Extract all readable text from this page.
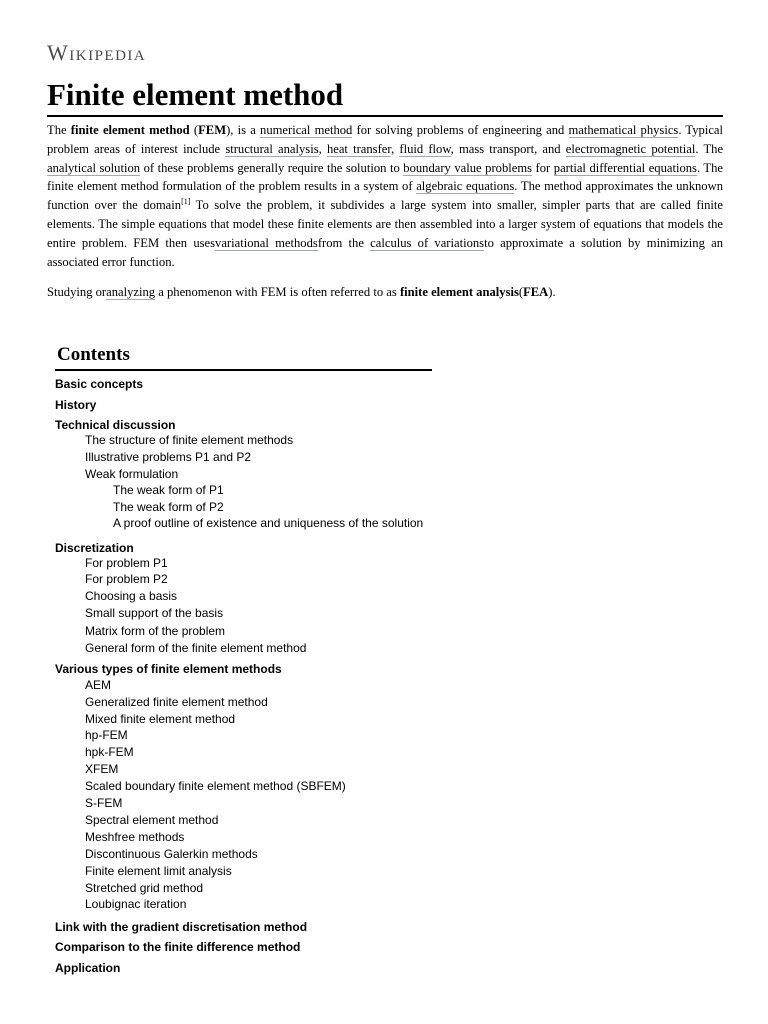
Wikipedia
Finite element method

The finite element method (FEM), is a numerical method for solving problems of engineering and mathematical physics. Typical problem areas of interest include structural analysis, heat transfer, fluid flow, mass transport, and electromagnetic potential. The analytical solution of these problems generally require the solution to boundary value problems for partial differential equations. The finite element method formulation of the problem results in a system of algebraic equations. The method approximates the unknown function over the domain[1] To solve the problem, it subdivides a large system into smaller, simpler parts that are called finite elements. The simple equations that model these finite elements are then assembled into a larger system of equations that models the entire problem. FEM then usesvariational methodsfrom the calculus of variationsto approximate a solution by minimizing an associated error function.

Studying oranalyzing a phenomenon with FEM is often referred to as finite element analysis(FEA).

Contents
Basic concepts
History
Technical discussion
The structure of finite element methods
Illustrative problems P1 and P2
Weak formulation
The weak form of P1
The weak form of P2
A proof outline of existence and uniqueness of the solution
Discretization
For problem P1
For problem P2
Choosing a basis
Small support of the basis
Matrix form of the problem
General form of the finite element method
Various types of finite element methods
AEM
Generalized finite element method
Mixed finite element method
hp-FEM
hpk-FEM
XFEM
Scaled boundary finite element method (SBFEM)
S-FEM
Spectral element method
Meshfree methods
Discontinuous Galerkin methods
Finite element limit analysis
Stretched grid method
Loubignac iteration
Link with the gradient discretisation method
Comparison to the finite difference method
Application
